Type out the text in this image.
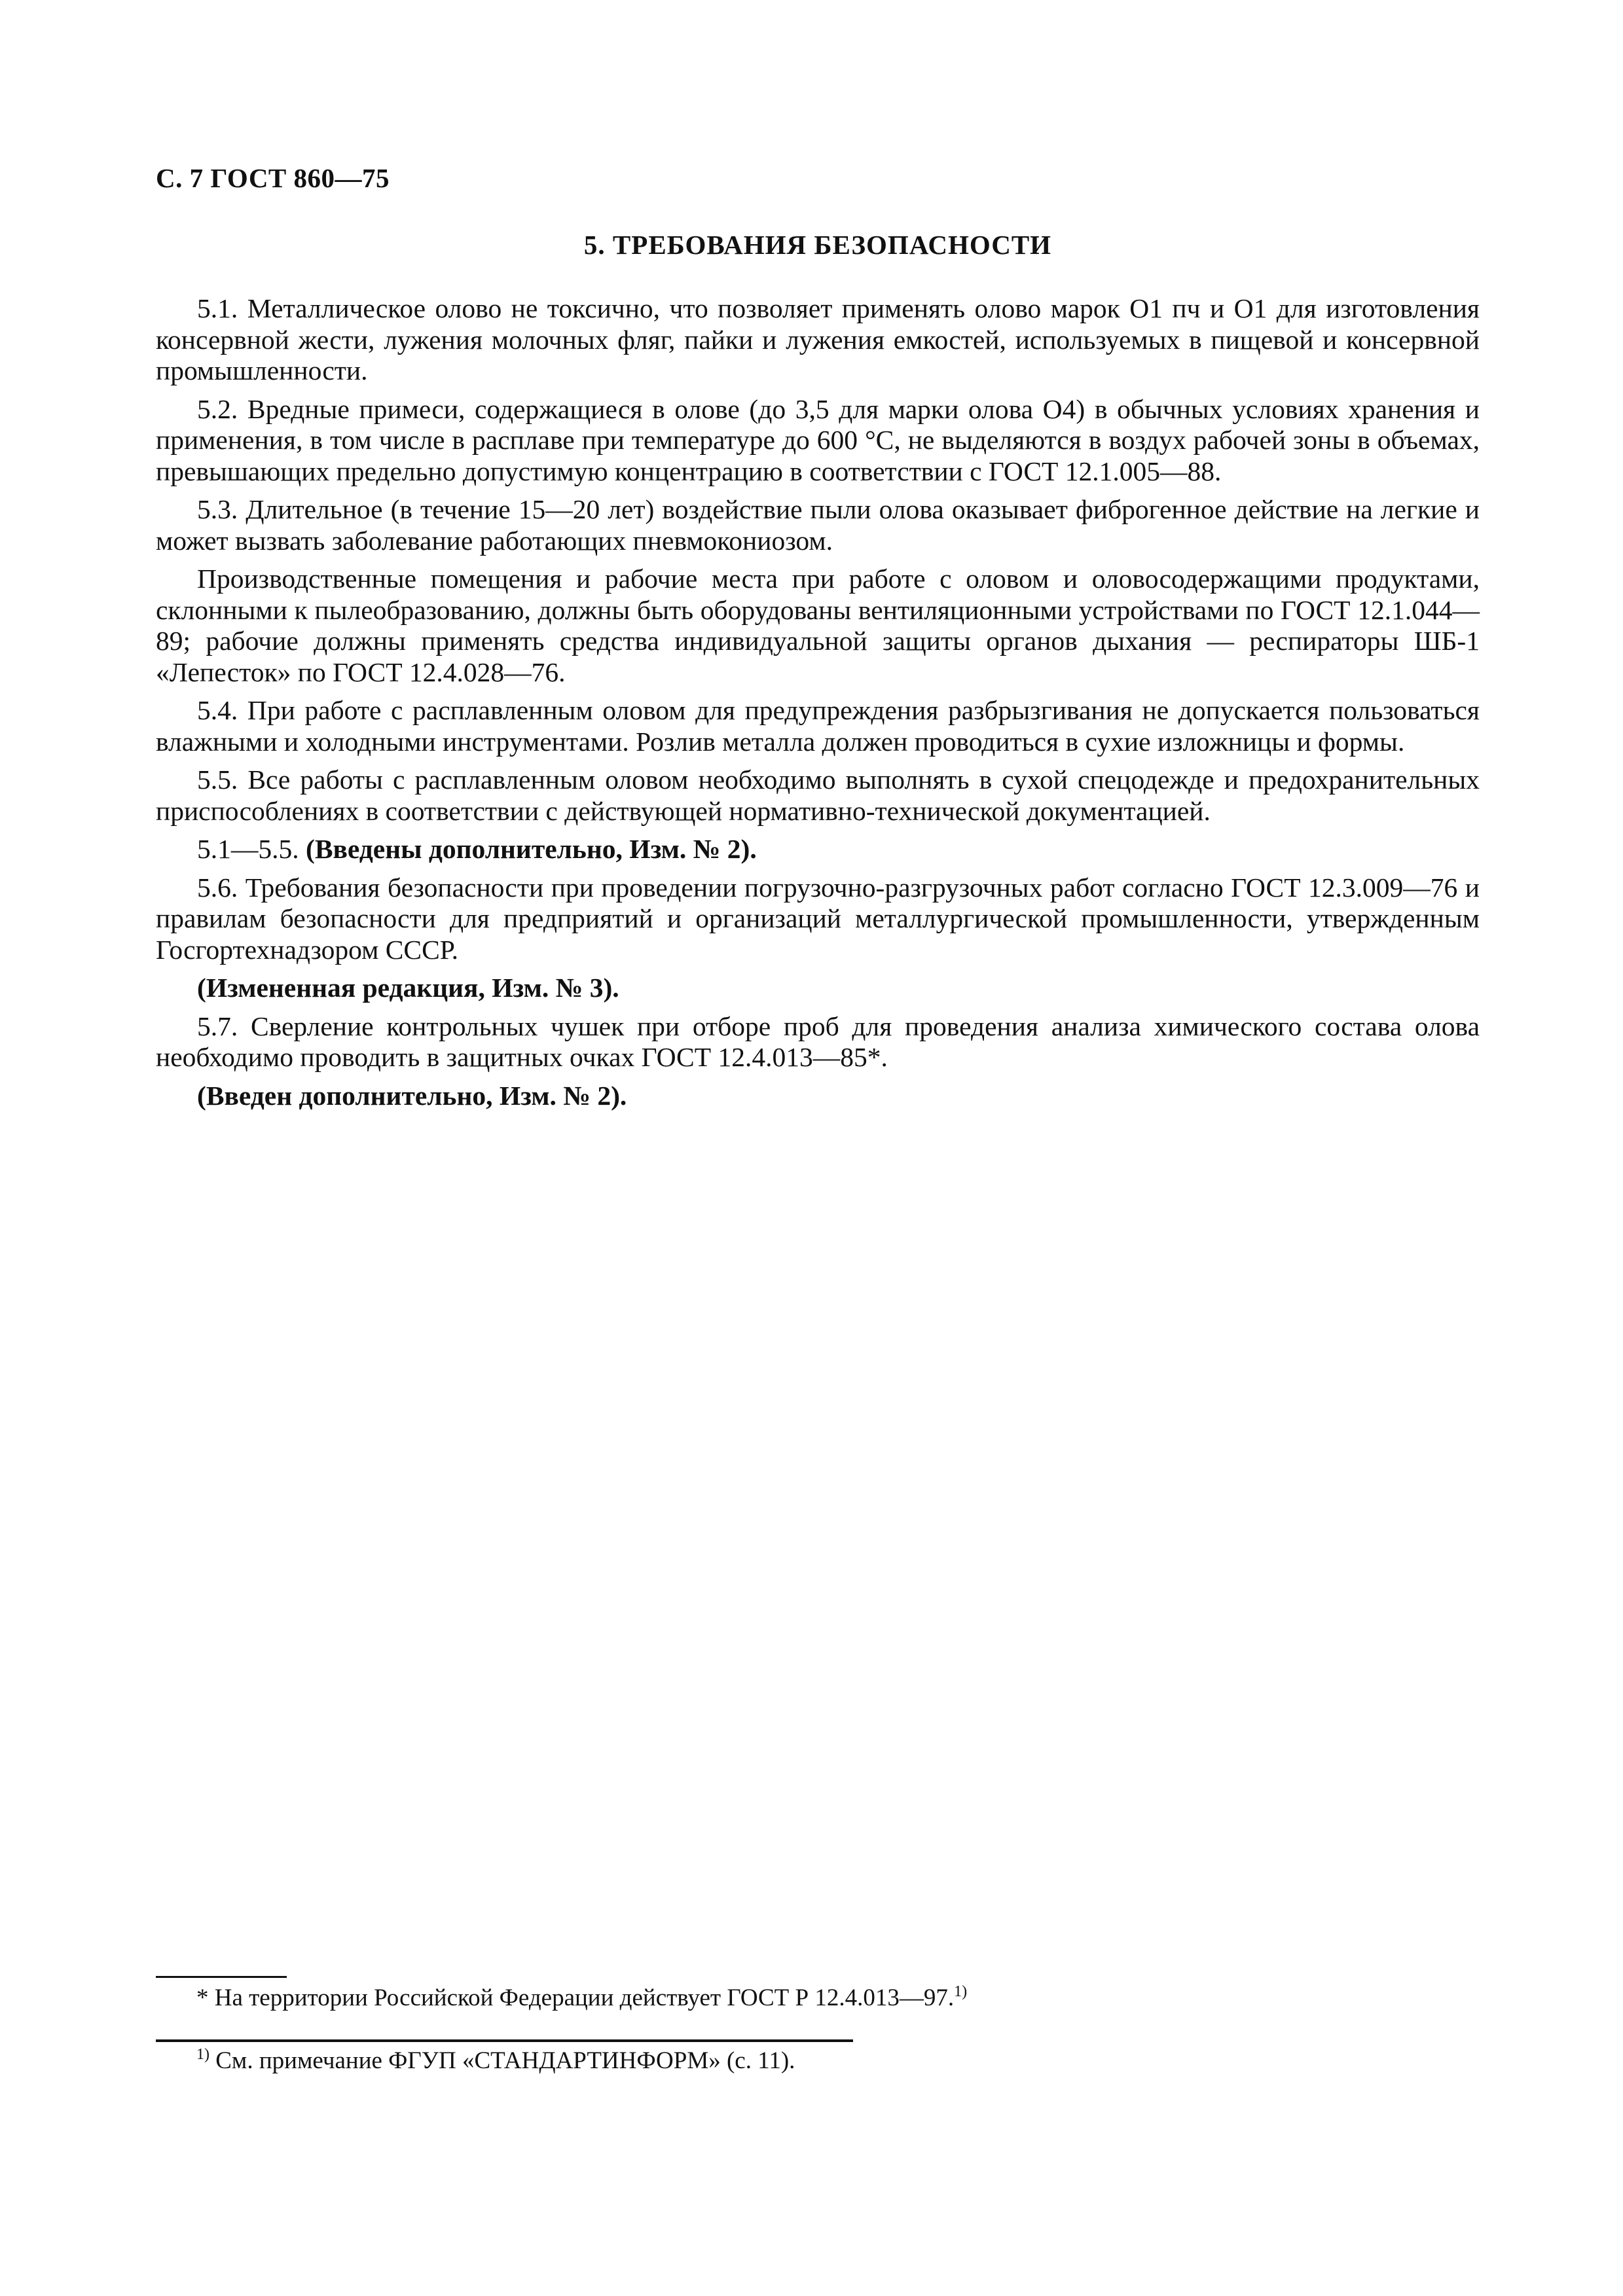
С. 7 ГОСТ 860—75
5. ТРЕБОВАНИЯ БЕЗОПАСНОСТИ

5.1. Металлическое олово не токсично, что позволяет применять олово марок О1 пч и О1 для изготовления консервной жести, лужения молочных фляг, пайки и лужения емкостей, используемых в пищевой и консервной промышленности.

5.2. Вредные примеси, содержащиеся в олове (до 3,5 для марки олова О4) в обычных условиях хранения и применения, в том числе в расплаве при температуре до 600 °С, не выделяются в воздух рабочей зоны в объемах, превышающих предельно допустимую концентрацию в соответствии с ГОСТ 12.1.005—88.

5.3. Длительное (в течение 15—20 лет) воздействие пыли олова оказывает фиброгенное действие на легкие и может вызвать заболевание работающих пневмокониозом.

Производственные помещения и рабочие места при работе с оловом и оловосодержащими продуктами, склонными к пылеобразованию, должны быть оборудованы вентиляционными устройствами по ГОСТ 12.1.044—89; рабочие должны применять средства индивидуальной защиты органов дыхания — респираторы ШБ-1 «Лепесток» по ГОСТ 12.4.028—76.

5.4. При работе с расплавленным оловом для предупреждения разбрызгивания не допускается пользоваться влажными и холодными инструментами. Розлив металла должен проводиться в сухие изложницы и формы.

5.5. Все работы с расплавленным оловом необходимо выполнять в сухой спецодежде и предохранительных приспособлениях в соответствии с действующей нормативно-технической документацией.

5.1—5.5. (Введены дополнительно, Изм. № 2).

5.6. Требования безопасности при проведении погрузочно-разгрузочных работ согласно ГОСТ 12.3.009—76 и правилам безопасности для предприятий и организаций металлургической промышленности, утвержденным Госгортехнадзором СССР.

(Измененная редакция, Изм. № 3).

5.7. Сверление контрольных чушек при отборе проб для проведения анализа химического состава олова необходимо проводить в защитных очках ГОСТ 12.4.013—85*.

(Введен дополнительно, Изм. № 2).

* На территории Российской Федерации действует ГОСТ Р 12.4.013—97.$^{1)}$
$^{1)}$ См. примечание ФГУП «СТАНДАРТИНФОРМ» (с. 11).
